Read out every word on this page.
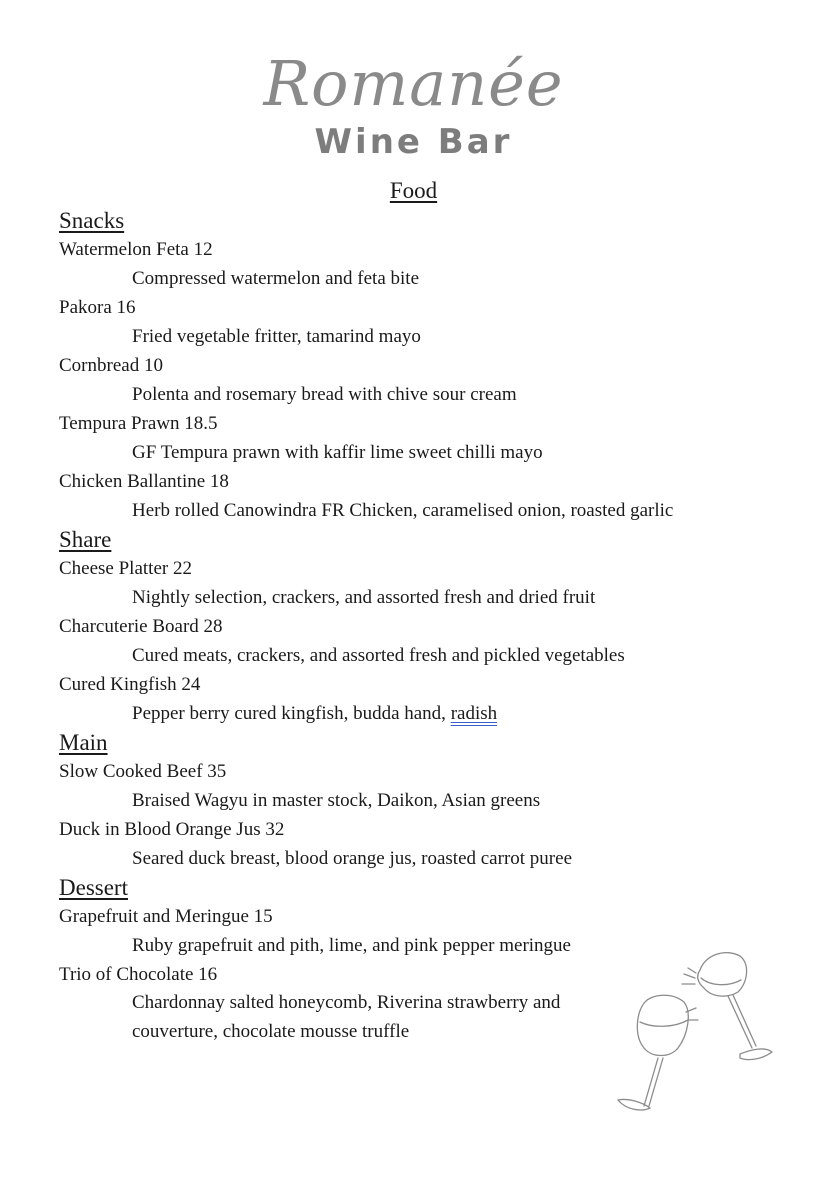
Romanée
Wine Bar
Food
Snacks
Watermelon Feta 12
Compressed watermelon and feta bite
Pakora 16
Fried vegetable fritter, tamarind mayo
Cornbread 10
Polenta and rosemary bread with chive sour cream
Tempura Prawn 18.5
GF Tempura prawn with kaffir lime sweet chilli mayo
Chicken Ballantine 18
Herb rolled Canowindra FR Chicken, caramelised onion, roasted garlic
Share
Cheese Platter 22
Nightly selection, crackers, and assorted fresh and dried fruit
Charcuterie Board 28
Cured meats, crackers, and assorted fresh and pickled vegetables
Cured Kingfish 24
Pepper berry cured kingfish, budda hand, radish
Main
Slow Cooked Beef 35
Braised Wagyu in master stock, Daikon, Asian greens
Duck in Blood Orange Jus 32
Seared duck breast, blood orange jus, roasted carrot puree
Dessert
Grapefruit and Meringue 15
Ruby grapefruit and pith, lime, and pink pepper meringue
Trio of Chocolate 16
Chardonnay salted honeycomb, Riverina strawberry and couverture, chocolate mousse truffle
